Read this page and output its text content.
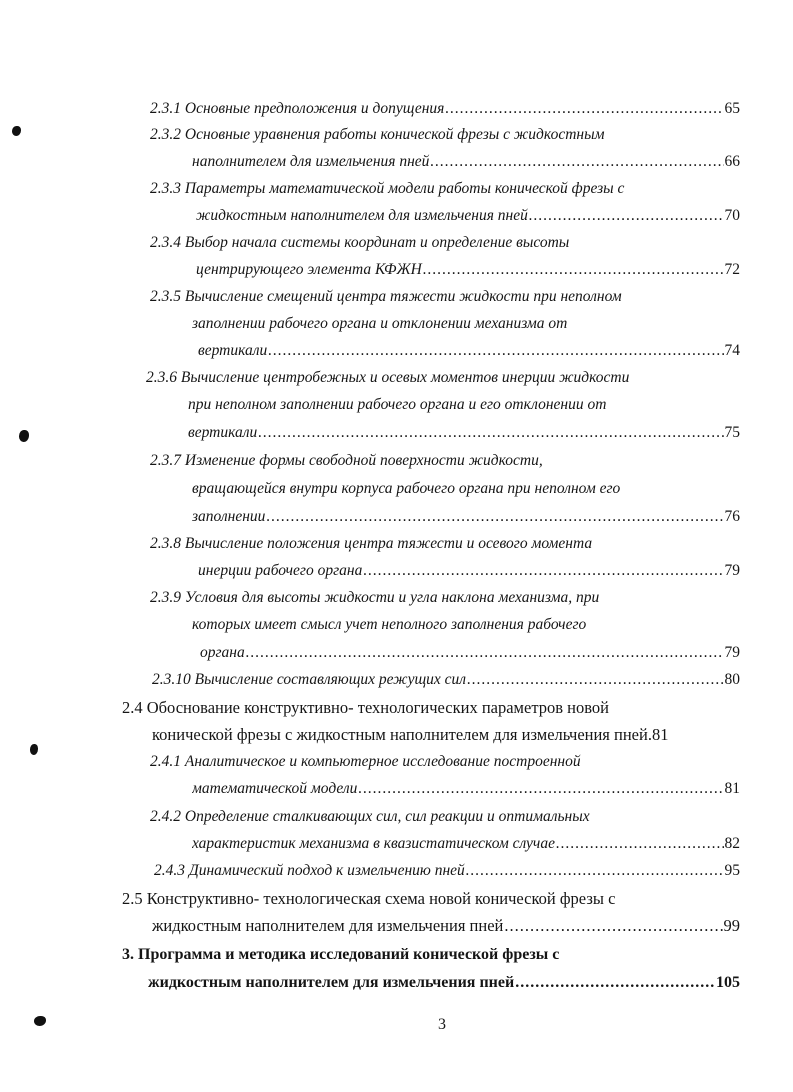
2.3.1 Основные предположения и допущения .....	65
2.3.2 Основные уравнения работы конической фрезы с жидкостным
наполнителем для измельчения пней .....	66
2.3.3 Параметры математической модели работы конической фрезы с
жидкостным наполнителем для измельчения пней .....	70
2.3.4 Выбор начала системы координат и определение высоты
центрирующего элемента КФЖН .....	72
2.3.5 Вычисление смещений центра тяжести жидкости при неполном
заполнении рабочего органа и отклонении механизма от
вертикали .....	74
2.3.6 Вычисление центробежных и осевых моментов инерции жидкости
при неполном заполнении рабочего органа и его отклонении от
вертикали .....	75
2.3.7 Изменение формы свободной поверхности жидкости,
вращающейся внутри корпуса рабочего органа при неполном его
заполнении .....	76
2.3.8 Вычисление положения центра тяжести и осевого момента
инерции рабочего органа .....	79
2.3.9 Условия для высоты жидкости и угла наклона механизма, при
которых имеет смысл учет неполного заполнения рабочего
органа .....	79
2.3.10 Вычисление составляющих режущих сил .....	80
2.4 Обоснование конструктивно- технологических параметров новой
конической фрезы с жидкостным наполнителем для измельчения пней. 81
2.4.1 Аналитическое и компьютерное исследование построенной
математической модели .....	81
2.4.2 Определение сталкивающих сил, сил реакции и оптимальных
характеристик механизма в квазистатическом случае .....	82
2.4.3 Динамический подход к измельчению пней .....	95
2.5 Конструктивно- технологическая схема новой конической фрезы с
жидкостным наполнителем для измельчения пней .....	99
3. Программа и методика исследований конической фрезы с
жидкостным наполнителем для измельчения пней .....	105
3
